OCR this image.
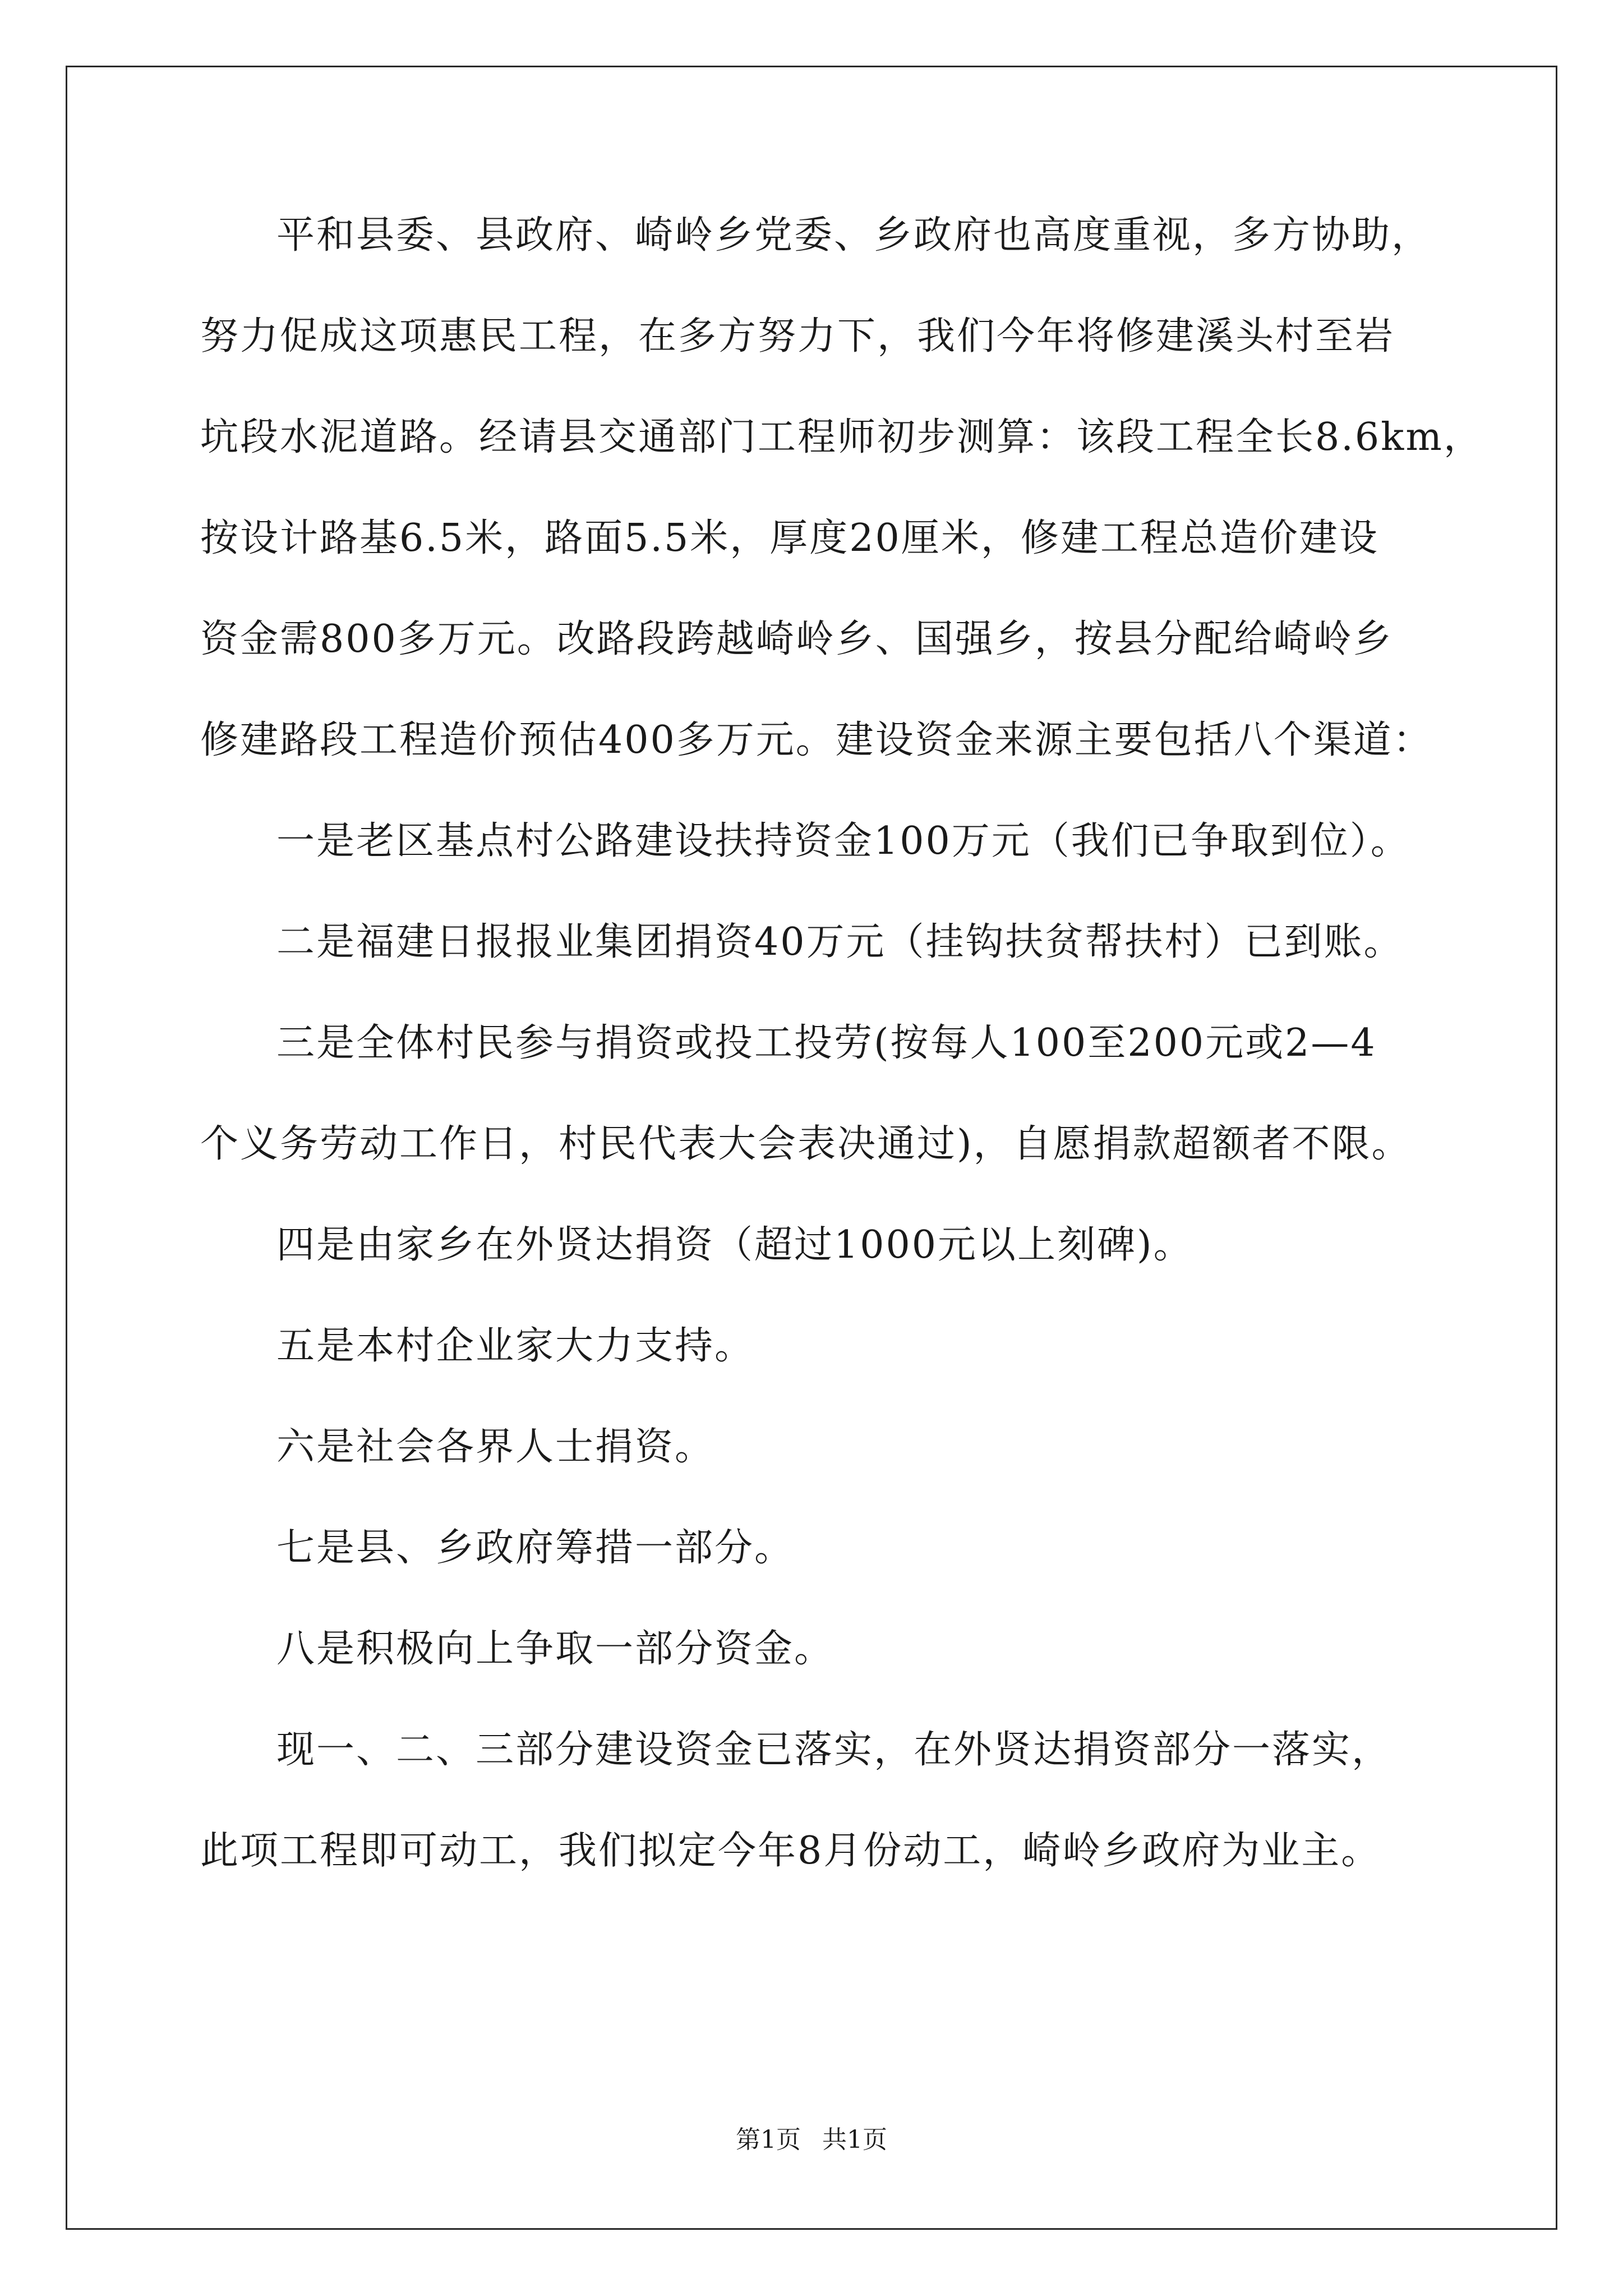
平和县委、县政府、崎岭乡党委、乡政府也高度重视，多方协助，
努力促成这项惠民工程，在多方努力下，我们今年将修建溪头村至岩
坑段水泥道路。经请县交通部门工程师初步测算：该段工程全长8.6km，
按设计路基6.5米，路面5.5米，厚度20厘米，修建工程总造价建设
资金需800多万元。改路段跨越崎岭乡、国强乡，按县分配给崎岭乡
修建路段工程造价预估400多万元。建设资金来源主要包括八个渠道：
一是老区基点村公路建设扶持资金100万元（我们已争取到位）。
二是福建日报报业集团捐资40万元（挂钩扶贫帮扶村）已到账。
三是全体村民参与捐资或投工投劳(按每人100至200元或2—4
个义务劳动工作日，村民代表大会表决通过)，自愿捐款超额者不限。
四是由家乡在外贤达捐资（超过1000元以上刻碑)。
五是本村企业家大力支持。
六是社会各界人士捐资。
七是县、乡政府筹措一部分。
八是积极向上争取一部分资金。
现一、二、三部分建设资金已落实，在外贤达捐资部分一落实，
此项工程即可动工，我们拟定今年8月份动工，崎岭乡政府为业主。
第1页 共1页
